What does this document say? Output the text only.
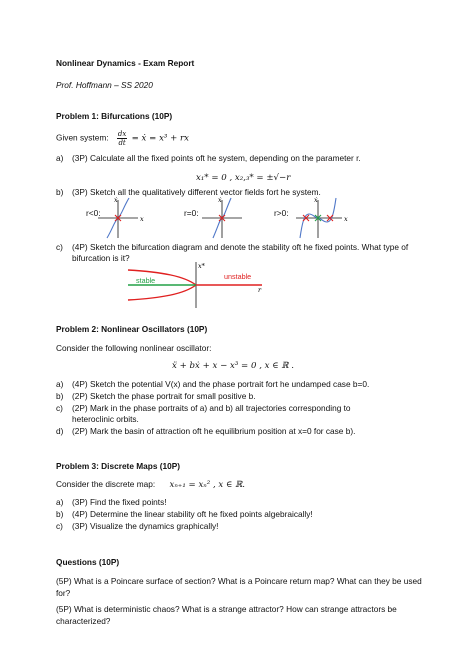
Nonlinear Dynamics - Exam Report
Prof. Hoffmann – SS 2020
Problem 1: Bifurcations (10P)
Given system: $\frac{dx}{dt}$ = ẋ = x³ + rx
a) (3P) Calculate all the fixed points oft he system, depending on the parameter r.
x₁* = 0 , x₂,₃* = ±√−r
b) (3P) Sketch all the qualitatively different vector fields fort he system.
r<0:	r=0:	r>0:
x
ẋ	ẋ
x
ẋ
c) (4P) Sketch the bifurcation diagram and denote the stability oft he fixed points. What type of
bifurcation is it?
r
x*
stable	unstable
Problem 2: Nonlinear Oscillators (10P)
Consider the following nonlinear oscillator:
ẍ + bẋ + x − x³ = 0 , x ∈ ℝ .
a) (4P) Sketch the potential V(x) and the phase portrait fort he undamped case b=0.
b) (2P) Sketch the phase portrait for small positive b.
c) (2P) Mark in the phase portraits of a) and b) all trajectories corresponding to
heteroclinic orbits.
d) (2P) Mark the basin of attraction oft he equilibrium position at x=0 for case b).
Problem 3: Discrete Maps (10P)
Consider the discrete map: xₙ₊₁ = xₙ² , x ∈ ℝ.
a) (3P) Find the fixed points!
b) (4P) Determine the linear stability oft he fixed points algebraically!
c) (3P) Visualize the dynamics graphically!
Questions (10P)
(5P) What is a Poincare surface of section? What is a Poincare return map? What can they be used
for?
(5P) What is deterministic chaos? What is a strange attractor? How can strange attractors be
characterized?
